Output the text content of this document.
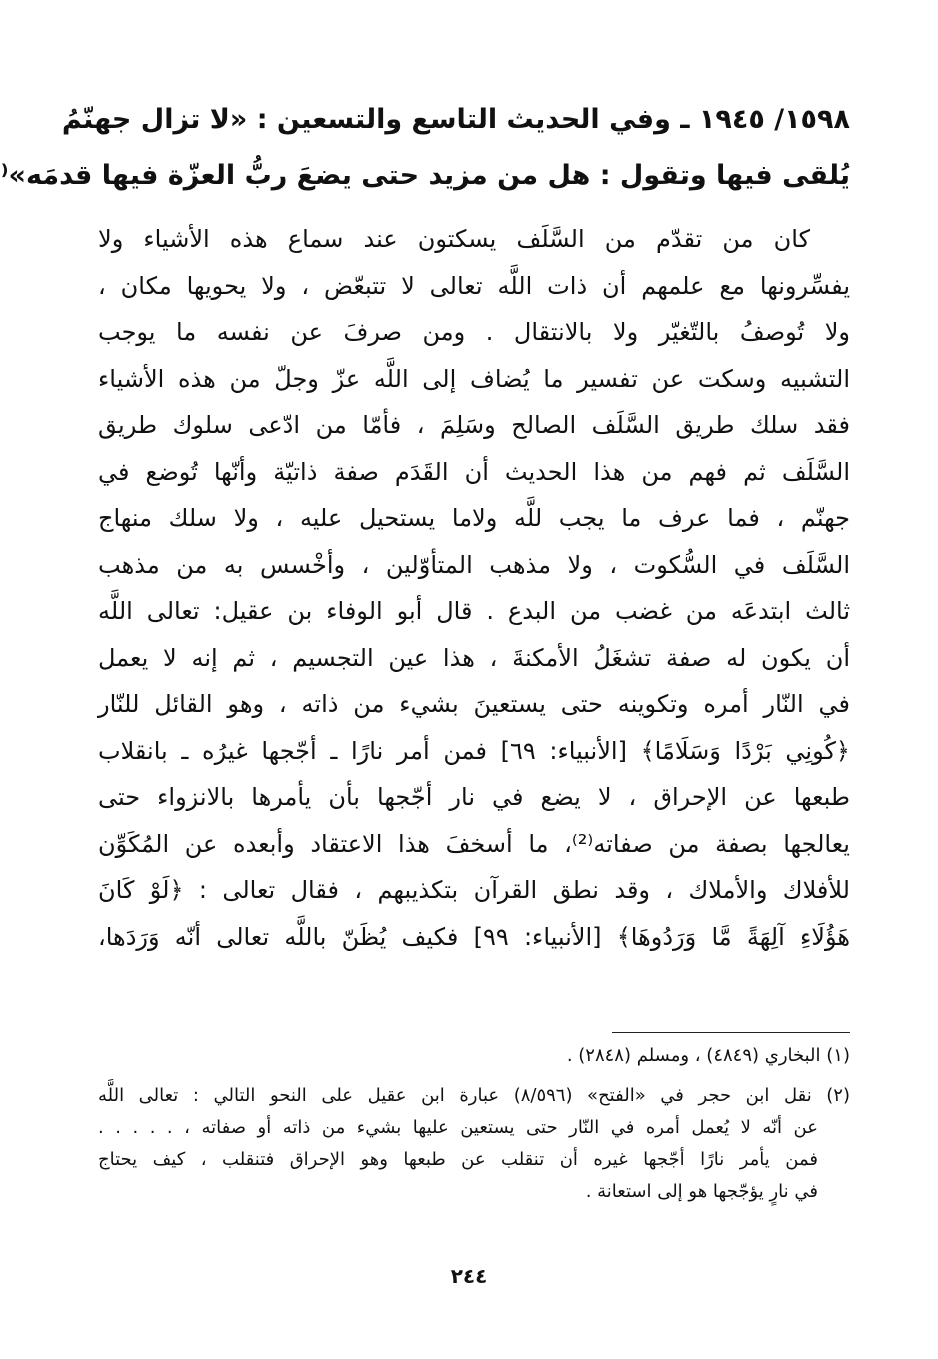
١٥٩٨/ ١٩٤٥ ـ وفي الحديث التاسع والتسعين : «لا تزال جهنّمُ
يُلقى فيها وتقول : هل من مزيد حتى يضعَ ربُّ العزّة فيها قدمَه»⁽
كان من تقدّم من السَّلَف يسكتون عند سماع هذه الأشياء ولا
يفسِّرونها مع علمهم أن ذات اللَّه تعالى لا تتبعّض ، ولا يحويها مكان ،
ولا تُوصفُ بالتّغيّر ولا بالانتقال . ومن صرفَ عن نفسه ما يوجب
التشبيه وسكت عن تفسير ما يُضاف إلى اللَّه عزّ وجلّ من هذه الأشياء
فقد سلك طريق السَّلَف الصالح وسَلِمَ ، فأمّا من ادّعى سلوك طريق
السَّلَف ثم فهم من هذا الحديث أن القَدَم صفة ذاتيّة وأنّها تُوضع في
جهنّم ، فما عرف ما يجب للَّه ولاما يستحيل عليه ، ولا سلك منهاج
السَّلَف في السُّكوت ، ولا مذهب المتأوّلين ، وأخْسس به من مذهب
ثالث ابتدعَه من غضب من البدع . قال أبو الوفاء بن عقيل: تعالى اللَّه
أن يكون له صفة تشغَلُ الأمكنةَ ، هذا عين التجسيم ، ثم إنه لا يعمل
في النّار أمره وتكوينه حتى يستعينَ بشيء من ذاته ، وهو القائل للنّار
﴿كُونِي بَرْدًا وَسَلَامًا﴾ [الأنبياء: ٦٩] فمن أمر نارًا ـ أجّجها غيرُه ـ بانقلاب
طبعها عن الإحراق ، لا يضع في نار أجّجها بأن يأمرها بالانزواء حتى
يعالجها بصفة من صفاته⁽²⁾، ما أسخفَ هذا الاعتقاد وأبعده عن المُكَوِّن
للأفلاك والأملاك ، وقد نطق القرآن بتكذيبهم ، فقال تعالى : ﴿لَوْ كَانَ
هَؤُلَاءِ آلِهَةً مَّا وَرَدُوهَا﴾ [الأنبياء: ٩٩] فكيف يُظَنّ باللَّه تعالى أنّه وَرَدَها،
(١) البخاري (٤٨٤٩) ، ومسلم (٢٨٤٨) .
(٢) نقل ابن حجر في «الفتح» (٨/٥٩٦) عبارة ابن عقيل على النحو التالي : تعالى اللَّه
عن أنّه لا يُعمل أمره في النّار حتى يستعين عليها بشيء من ذاته أو صفاته ، . . . . .
فمن يأمر نارًا أجّجها غيره أن تنقلب عن طبعها وهو الإحراق فتنقلب ، كيف يحتاج
في نارٍ يؤجّجها هو إلى استعانة .
٢٤٤
